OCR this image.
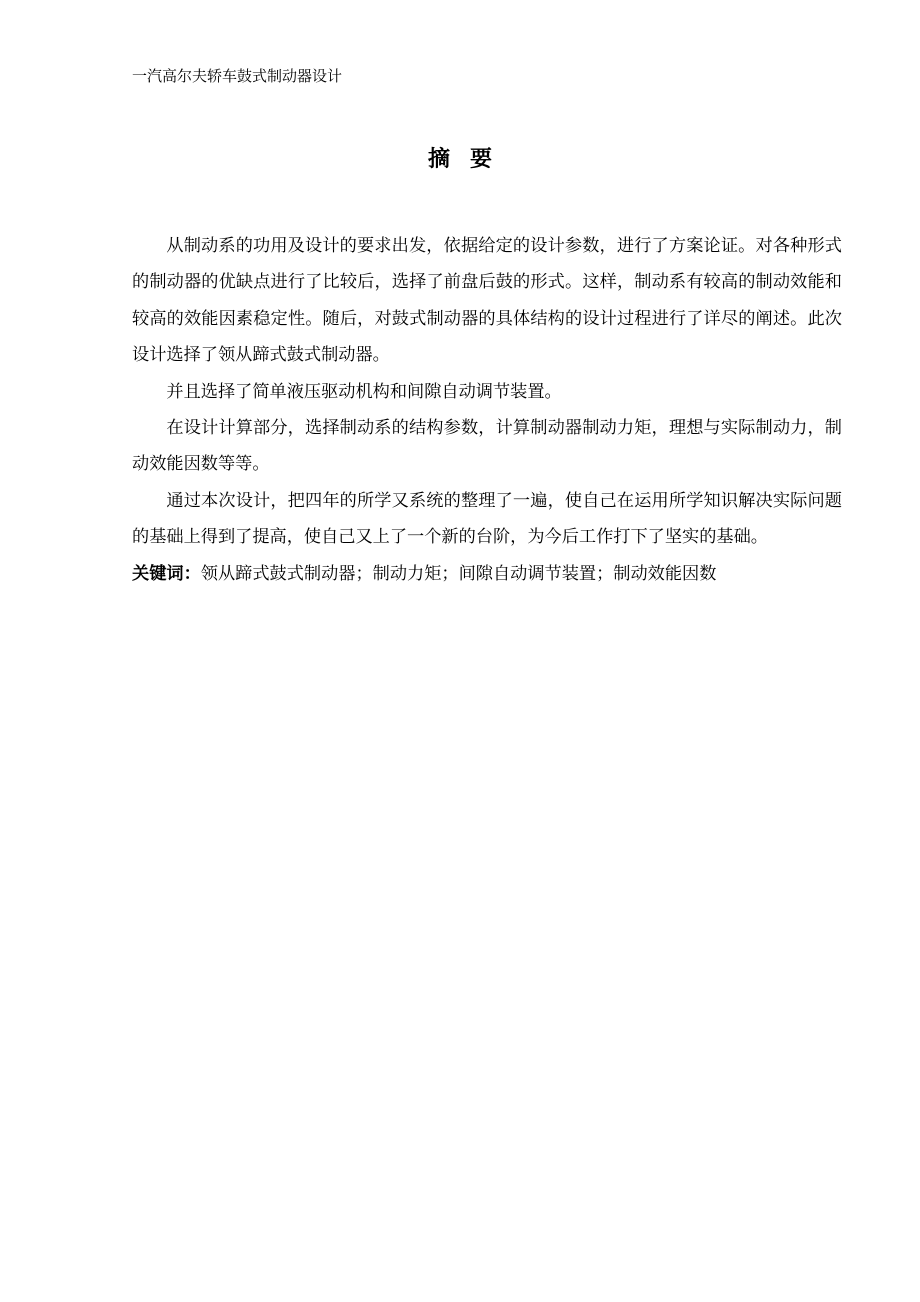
一汽高尔夫轿车鼓式制动器设计
摘 要

从制动系的功用及设计的要求出发，依据给定的设计参数，进行了方案论证。对各种形式的制动器的优缺点进行了比较后，选择了前盘后鼓的形式。这样，制动系有较高的制动效能和较高的效能因素稳定性。随后，对鼓式制动器的具体结构的设计过程进行了详尽的阐述。此次设计选择了领从蹄式鼓式制动器。

并且选择了简单液压驱动机构和间隙自动调节装置。

在设计计算部分，选择制动系的结构参数，计算制动器制动力矩，理想与实际制动力，制动效能因数等等。

通过本次设计，把四年的所学又系统的整理了一遍，使自己在运用所学知识解决实际问题的基础上得到了提高，使自己又上了一个新的台阶，为今后工作打下了坚实的基础。

关键词：领从蹄式鼓式制动器；制动力矩；间隙自动调节装置；制动效能因数
